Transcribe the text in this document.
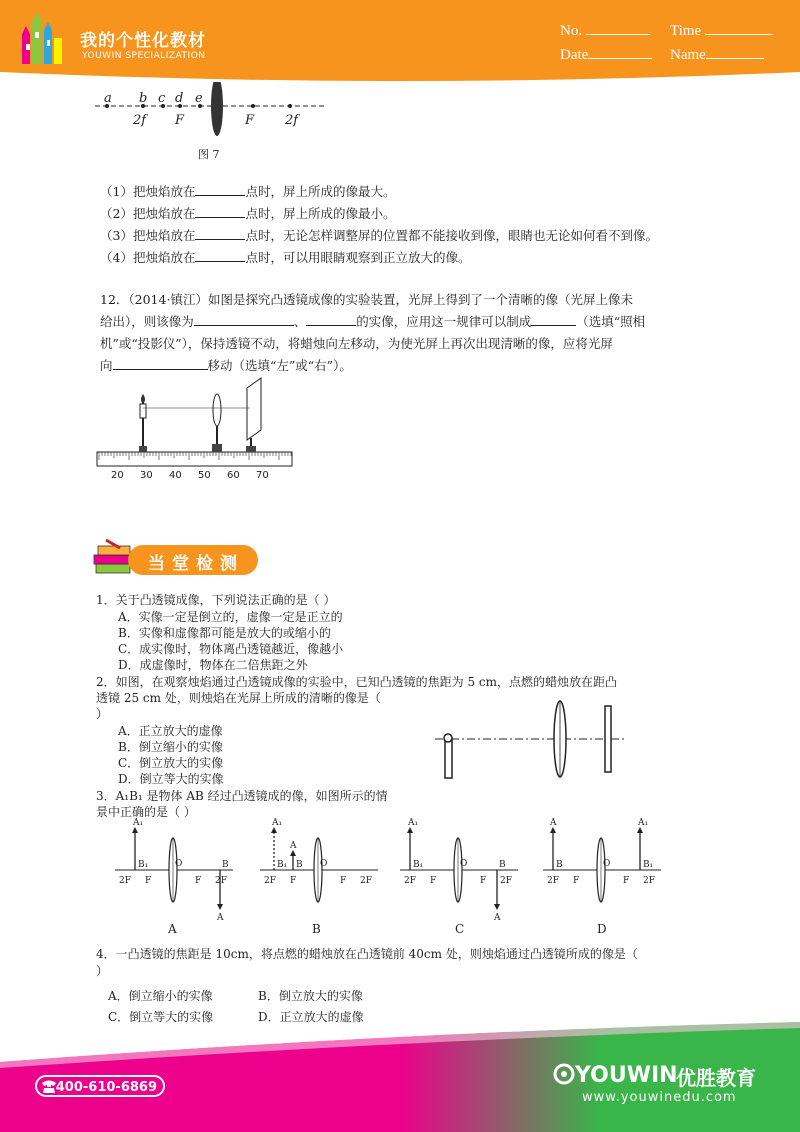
我的个性化教材
YOUWIN SPECIALIZATION
No.	Time
Date	Name
a b c d e
2f F	F 2f
图 7
（1）把烛焰放在	点时，屏上所成的像最大。
（2）把烛焰放在	点时，屏上所成的像最小。
（3）把烛焰放在	点时，无论怎样调整屏的位置都不能接收到像，眼睛也无论如何看不到像。
（4）把烛焰放在	点时，可以用眼睛观察到正立放大的像。
12．（2014·镇江）如图是探究凸透镜成像的实验装置，光屏上得到了一个清晰的像（光屏上像未
给出），则该像为	、	的实像，应用这一规律可以制成	（选填“照相
机”或“投影仪”），保持透镜不动，将蜡烛向左移动，为使光屏上再次出现清晰的像，应将光屏
向	移动（选填“左”或“右”）。
20 30 40 50 60 70
当堂检测
1．关于凸透镜成像，下列说法正确的是（ ）
A．实像一定是倒立的，虚像一定是正立的
B．实像和虚像都可能是放大的或缩小的
C．成实像时，物体离凸透镜越近，像越小
D．成虚像时，物体在二倍焦距之外
2．如图，在观察烛焰通过凸透镜成像的实验中，已知凸透镜的焦距为 5 cm，点燃的蜡烛放在距凸
透镜 25 cm 处，则烛焰在光屏上所成的清晰的像是（
）
A．正立放大的虚像
B．倒立缩小的实像
C．倒立放大的实像
D．倒立等大的实像
3．A₁B₁ 是物体 AB 经过凸透镜成的像，如图所示的情
景中正确的是（ ）
2F F
O
F 2F
A₁
B₁
A
B
2F F
O
F 2F
A₁
B₁
A
B
2F F
O
F 2F
A₁
B₁
A
B
2F F
O
F 2F
A₁
B₁
A
B
A	B	C	D
4．一凸透镜的焦距是 10cm，将点燃的蜡烛放在凸透镜前 40cm 处，则烛焰通过凸透镜所成的像是（
）
A．倒立缩小的实像	B．倒立放大的实像
C．倒立等大的实像	D．正立放大的虚像
400-610-6869	YOUWIN
优胜教育
www.youwinedu.com
